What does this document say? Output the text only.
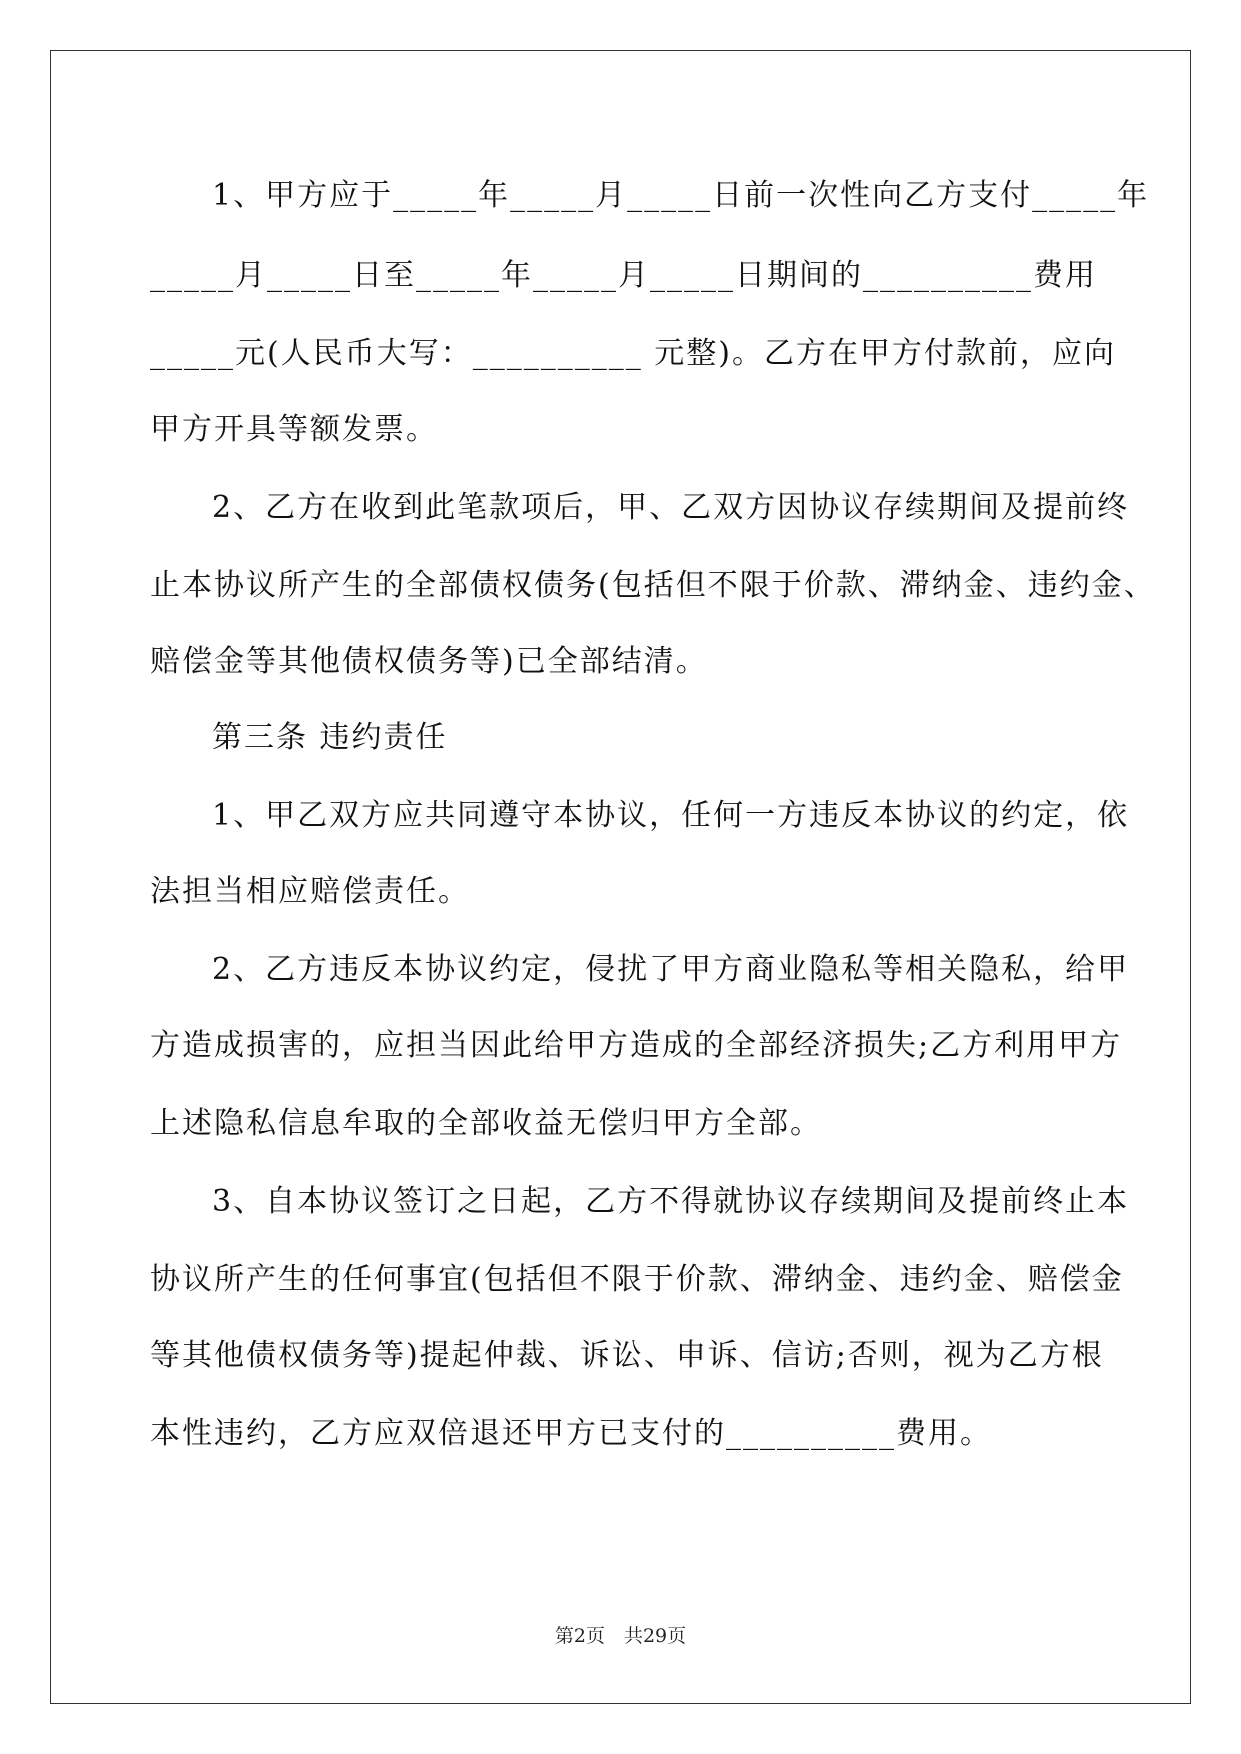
1、甲方应于_____年_____月_____日前一次性向乙方支付_____年
_____月_____日至_____年_____月_____日期间的__________费用
_____元(人民币大写：__________ 元整)。乙方在甲方付款前，应向
甲方开具等额发票。
2、乙方在收到此笔款项后，甲、乙双方因协议存续期间及提前终
止本协议所产生的全部债权债务(包括但不限于价款、滞纳金、违约金、
赔偿金等其他债权债务等)已全部结清。
第三条 违约责任
1、甲乙双方应共同遵守本协议，任何一方违反本协议的约定，依
法担当相应赔偿责任。
2、乙方违反本协议约定，侵扰了甲方商业隐私等相关隐私，给甲
方造成损害的，应担当因此给甲方造成的全部经济损失;乙方利用甲方
上述隐私信息牟取的全部收益无偿归甲方全部。
3、自本协议签订之日起，乙方不得就协议存续期间及提前终止本
协议所产生的任何事宜(包括但不限于价款、滞纳金、违约金、赔偿金
等其他债权债务等)提起仲裁、诉讼、申诉、信访;否则，视为乙方根
本性违约，乙方应双倍退还甲方已支付的__________费用。
第2页　共29页
